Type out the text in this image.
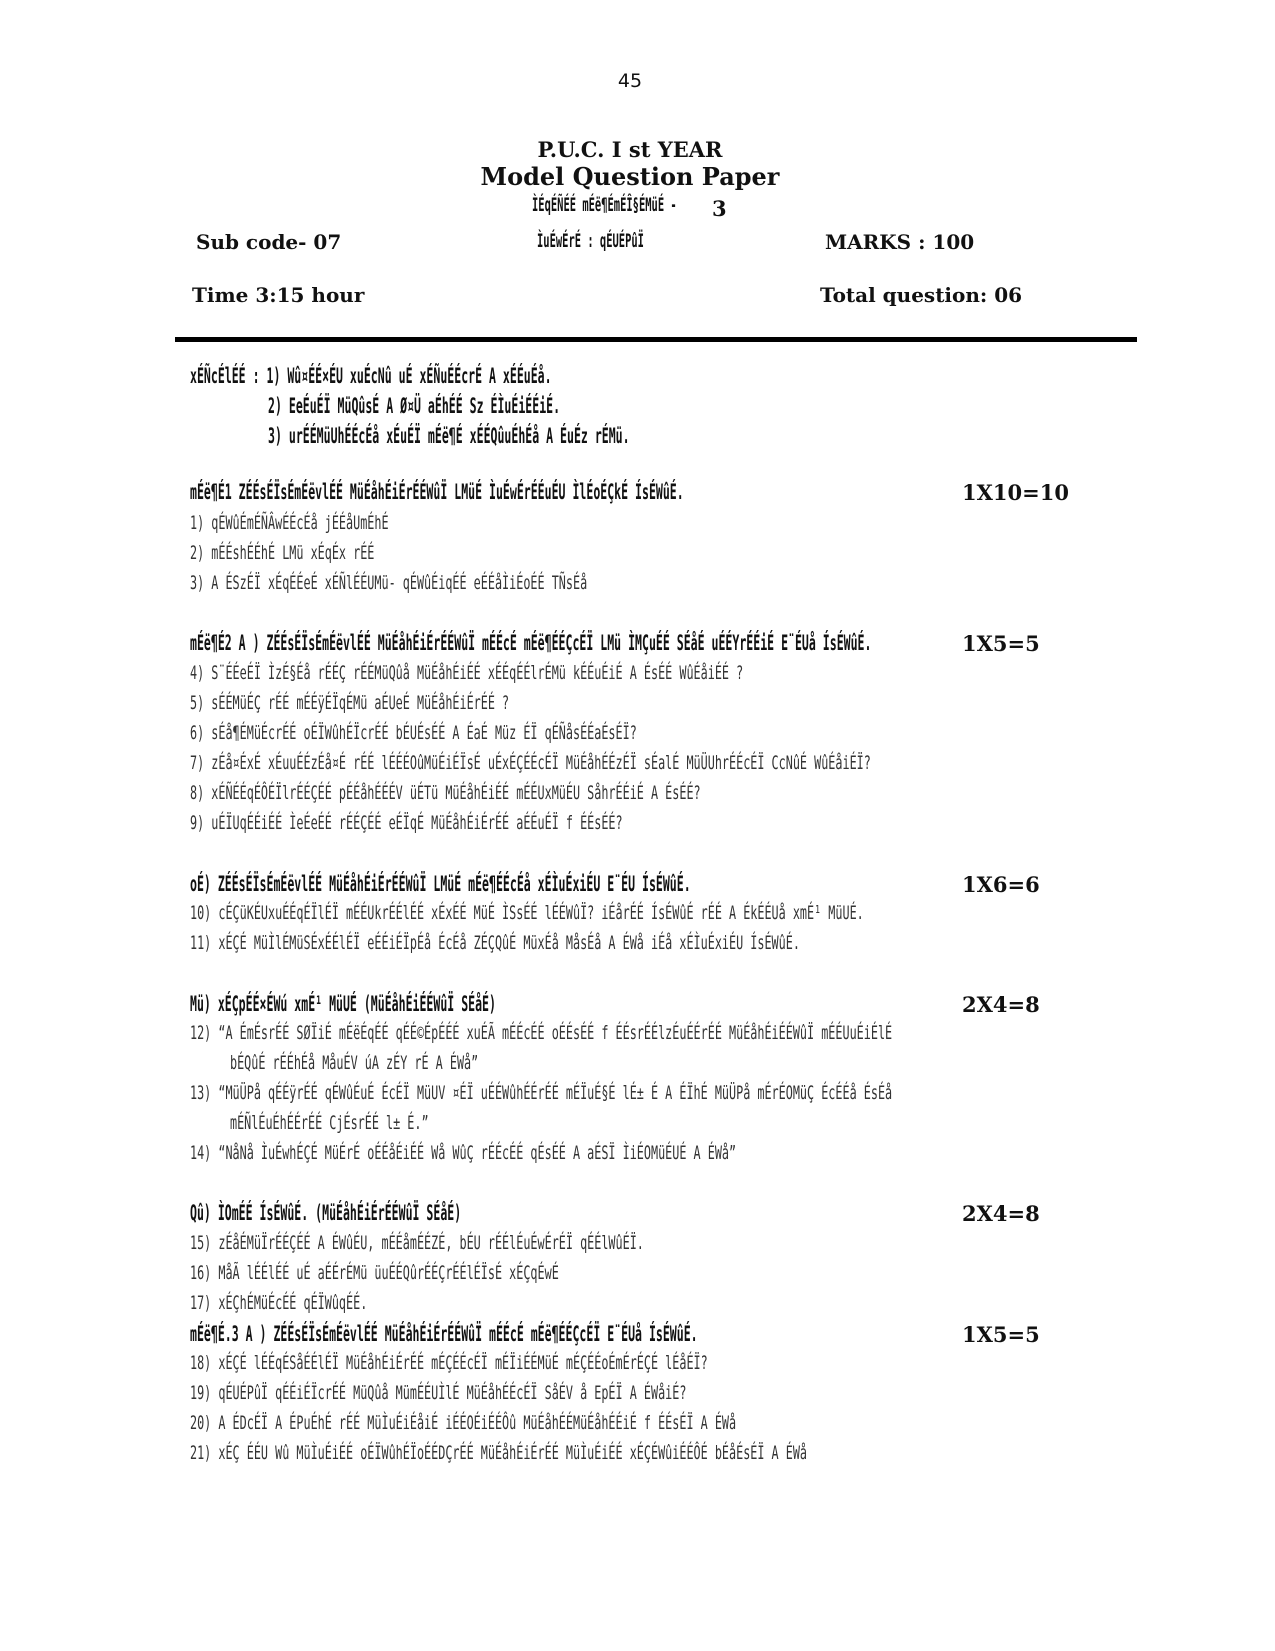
45
P.U.C. I st YEAR
Model Question Paper
ÌÉqÉÑÉÉ mÉë¶ÉmÉÎ§ÉMüÉ -	3
Sub code- 07	ÌuÉwÉrÉ : qÉUÉPûÏ	MARKS : 100
Time 3:15 hour	Total question: 06
xÉÑcÉlÉÉ : 1) Wû¤ÉÉ×ÉU xuÉcNû uÉ xÉÑuÉÉcrÉ A xÉÉuÉå.
2) EeÉuÉÏ MüQûsÉ A Ø¤Ü aÉhÉÉ Sz ÉÌuÉiÉÉiÉ.
3) urÉÉMüUhÉÉcÉå xÉuÉÏ mÉë¶É xÉÉQûuÉhÉå A ÉuÉz rÉMü.
mÉë¶É1 ZÉÉsÉÏsÉmÉëvlÉÉ MüÉåhÉiÉrÉÉWûÏ LMüÉ ÌuÉwÉrÉÉuÉU ÌlÉoÉÇkÉ ÍsÉWûÉ.	1X10=10
1) qÉWûÉmÉÑÂwÉÉcÉå jÉÉåUmÉhÉ
2) mÉÉshÉÉhÉ LMü xÉqÉx rÉÉ
3) A ÉSzÉÏ xÉqÉÉeÉ xÉÑlÉÉUMü- qÉWûÉiqÉÉ eÉÉåÌiÉoÉÉ TÑsÉå
mÉë¶É2 A ) ZÉÉsÉÏsÉmÉëvlÉÉ MüÉåhÉiÉrÉÉWûÏ mÉÉcÉ mÉë¶ÉÉÇcÉÏ LMü ÌMÇuÉÉ SÉåÉ uÉÉYrÉÉiÉ E¨ÉUå ÍsÉWûÉ.	1X5=5
4) S¨ÉÉeÉÏ ÌzÉ§Éå rÉÉÇ rÉÉMüQûå MüÉåhÉiÉÉ xÉÉqÉÉlrÉMü kÉÉuÉiÉ A ÉsÉÉ WûÉåiÉÉ ?
5) sÉÉMüÉÇ rÉÉ mÉÉÿÉÏqÉMü aÉUeÉ MüÉåhÉiÉrÉÉ ?
6) sÉå¶ÉMüÉcrÉÉ oÉÏWûhÉÏcrÉÉ bÉUÉsÉÉ A ÉaÉ Müz ÉÏ qÉÑåsÉÉaÉsÉÏ?
7) zÉå¤ÉxÉ xÉuuÉÉzÉå¤É rÉÉ lÉÉÉOûMüÉiÉÏsÉ uÉxÉÇÉÉcÉÏ MüÉåhÉÉzÉÏ sÉalÉ MüÜUhrÉÉcÉÏ CcNûÉ WûÉåiÉÏ?
8) xÉÑÉÉqÉÔÉÏlrÉÉÇÉÉ pÉÉåhÉÉÉV üÉTü MüÉåhÉiÉÉ mÉÉUxMüÉU SåhrÉÉiÉ A ÉsÉÉ?
9) uÉÏUqÉÉiÉÉ ÌeÉeÉÉ rÉÉÇÉÉ eÉÏqÉ MüÉåhÉiÉrÉÉ aÉÉuÉÏ f ÉÉsÉÉ?
oÉ) ZÉÉsÉÏsÉmÉëvlÉÉ MüÉåhÉiÉrÉÉWûÏ LMüÉ mÉë¶ÉÉcÉå xÉÌuÉxiÉU E¨ÉU ÍsÉWûÉ.	1X6=6
10) cÉÇüKÉUxuÉÉqÉÏlÉÏ mÉÉUkrÉÉlÉÉ xÉxÉÉ MüÉ ÌSsÉÉ lÉÉWûÏ? iÉårÉÉ ÍsÉWûÉ rÉÉ A ÉkÉÉUå xmÉ¹ MüUÉ.
11) xÉÇÉ MüÌlÉMüSÉxÉÉlÉÏ eÉÉiÉÏpÉå ÉcÉå ZÉÇQûÉ MüxÉå MåsÉå A ÉWå iÉå xÉÌuÉxiÉU ÍsÉWûÉ.
Mü) xÉÇpÉÉ×ÉWú xmÉ¹ MüUÉ (MüÉåhÉiÉÉWûÏ SÉåÉ)	2X4=8
12) “A ÉmÉsrÉÉ SØÏiÉ mÉëÉqÉÉ qÉÉ©ÉpÉÉÉ xuÉÃ mÉÉcÉÉ oÉÉsÉÉ f ÉÉsrÉÉlzÉuÉÉrÉÉ MüÉåhÉiÉÉWûÏ mÉÉUuÉiÉlÉ
bÉQûÉ rÉÉhÉå MåuÉV úA zÉY rÉ A ÉWå”
13) “MüÜPå qÉÉÿrÉÉ qÉWûÉuÉ ÉcÉÏ MüUV ¤ÉÏ uÉÉWûhÉÉrÉÉ mÉÏuÉ§É lÉ± É A ÉÏhÉ MüÜPå mÉrÉOMüÇ ÉcÉÉå ÉsÉå
mÉÑlÉuÉhÉÉrÉÉ CjÉsrÉÉ l± É.”
14) “NåNå ÌuÉwhÉÇÉ MüÉrÉ oÉÉåÉiÉÉ Wå WûÇ rÉÉcÉÉ qÉsÉÉ A aÉSÏ ÌiÉOMüÉUÉ A ÉWå”
Qû) ÌOmÉÉ ÍsÉWûÉ. (MüÉåhÉiÉrÉÉWûÏ SÉåÉ)	2X4=8
15) zÉåÉMüÏrÉÉÇÉÉ A ÉWûÉU, mÉÉåmÉÉZÉ, bÉU rÉÉlÉuÉwÉrÉÏ qÉÉlWûÉÏ.
16) MåÃ lÉÉlÉÉ uÉ aÉÉrÉMü üuÉÉQûrÉÉÇrÉÉlÉÏsÉ xÉÇqÉwÉ
17) xÉÇhÉMüÉcÉÉ qÉÏWûqÉÉ.
mÉë¶É.3 A ) ZÉÉsÉÏsÉmÉëvlÉÉ MüÉåhÉiÉrÉÉWûÏ mÉÉcÉ mÉë¶ÉÉÇcÉÏ E¨ÉUå ÍsÉWûÉ.	1X5=5
18) xÉÇÉ lÉÉqÉSåÉÉlÉÏ MüÉåhÉiÉrÉÉ mÉÇÉÉcÉÏ mÉÏiÉÉMüÉ mÉÇÉÉoÉmÉrÉÇÉ lÉåÉÏ?
19) qÉUÉPûÏ qÉÉiÉÏcrÉÉ MüQûå MümÉÉUÌlÉ MüÉåhÉÉcÉÏ SåÉV å EpÉÏ A ÉWåiÉ?
20) A ÉDcÉÏ A ÉPuÉhÉ rÉÉ MüÌuÉiÉåiÉ iÉÉOÉiÉÉÔû MüÉåhÉÉMüÉåhÉÉiÉ f ÉÉsÉÏ A ÉWå
21) xÉÇ ÉÉU Wû MüÌuÉiÉÉ oÉÏWûhÉÏoÉÉDÇrÉÉ MüÉåhÉiÉrÉÉ MüÌuÉiÉÉ xÉÇÉWûiÉÉÔÉ bÉåÉsÉÏ A ÉWå
